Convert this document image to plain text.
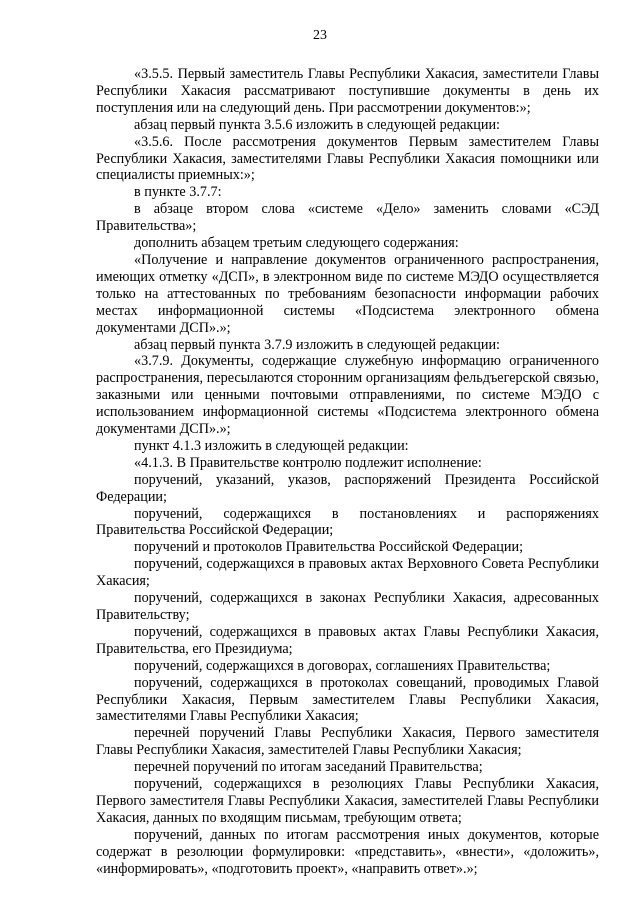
23

«3.5.5. Первый заместитель Главы Республики Хакасия, заместители Главы Республики Хакасия рассматривают поступившие документы в день их поступления или на следующий день. При рассмотрении документов:»;

абзац первый пункта 3.5.6 изложить в следующей редакции:

«3.5.6. После рассмотрения документов Первым заместителем Главы Республики Хакасия, заместителями Главы Республики Хакасия помощники или специалисты приемных:»;

в пункте 3.7.7:

в абзаце втором слова «системе «Дело» заменить словами «СЭД Правительства»;

дополнить абзацем третьим следующего содержания:

«Получение и направление документов ограниченного распространения, имеющих отметку «ДСП», в электронном виде по системе МЭДО осуществляется только на аттестованных по требованиям безопасности информации рабочих местах информационной системы «Подсистема электронного обмена документами ДСП».»;

абзац первый пункта 3.7.9 изложить в следующей редакции:

«3.7.9. Документы, содержащие служебную информацию ограниченного распространения, пересылаются сторонним организациям фельдъегерской связью, заказными или ценными почтовыми отправлениями, по системе МЭДО с использованием информационной системы «Подсистема электронного обмена документами ДСП».»;

пункт 4.1.3 изложить в следующей редакции:

«4.1.3. В Правительстве контролю подлежит исполнение:

поручений, указаний, указов, распоряжений Президента Российской Федерации;

поручений, содержащихся в постановлениях и распоряжениях Правительства Российской Федерации;

поручений и протоколов Правительства Российской Федерации;

поручений, содержащихся в правовых актах Верховного Совета Республики Хакасия;

поручений, содержащихся в законах Республики Хакасия, адресованных Правительству;

поручений, содержащихся в правовых актах Главы Республики Хакасия, Правительства, его Президиума;

поручений, содержащихся в договорах, соглашениях Правительства;

поручений, содержащихся в протоколах совещаний, проводимых Главой Республики Хакасия, Первым заместителем Главы Республики Хакасия, заместителями Главы Республики Хакасия;

перечней поручений Главы Республики Хакасия, Первого заместителя Главы Республики Хакасия, заместителей Главы Республики Хакасия;

перечней поручений по итогам заседаний Правительства;

поручений, содержащихся в резолюциях Главы Республики Хакасия, Первого заместителя Главы Республики Хакасия, заместителей Главы Республики Хакасия, данных по входящим письмам, требующим ответа;

поручений, данных по итогам рассмотрения иных документов, которые содержат в резолюции формулировки: «представить», «внести», «доложить», «информировать», «подготовить проект», «направить ответ».»;
